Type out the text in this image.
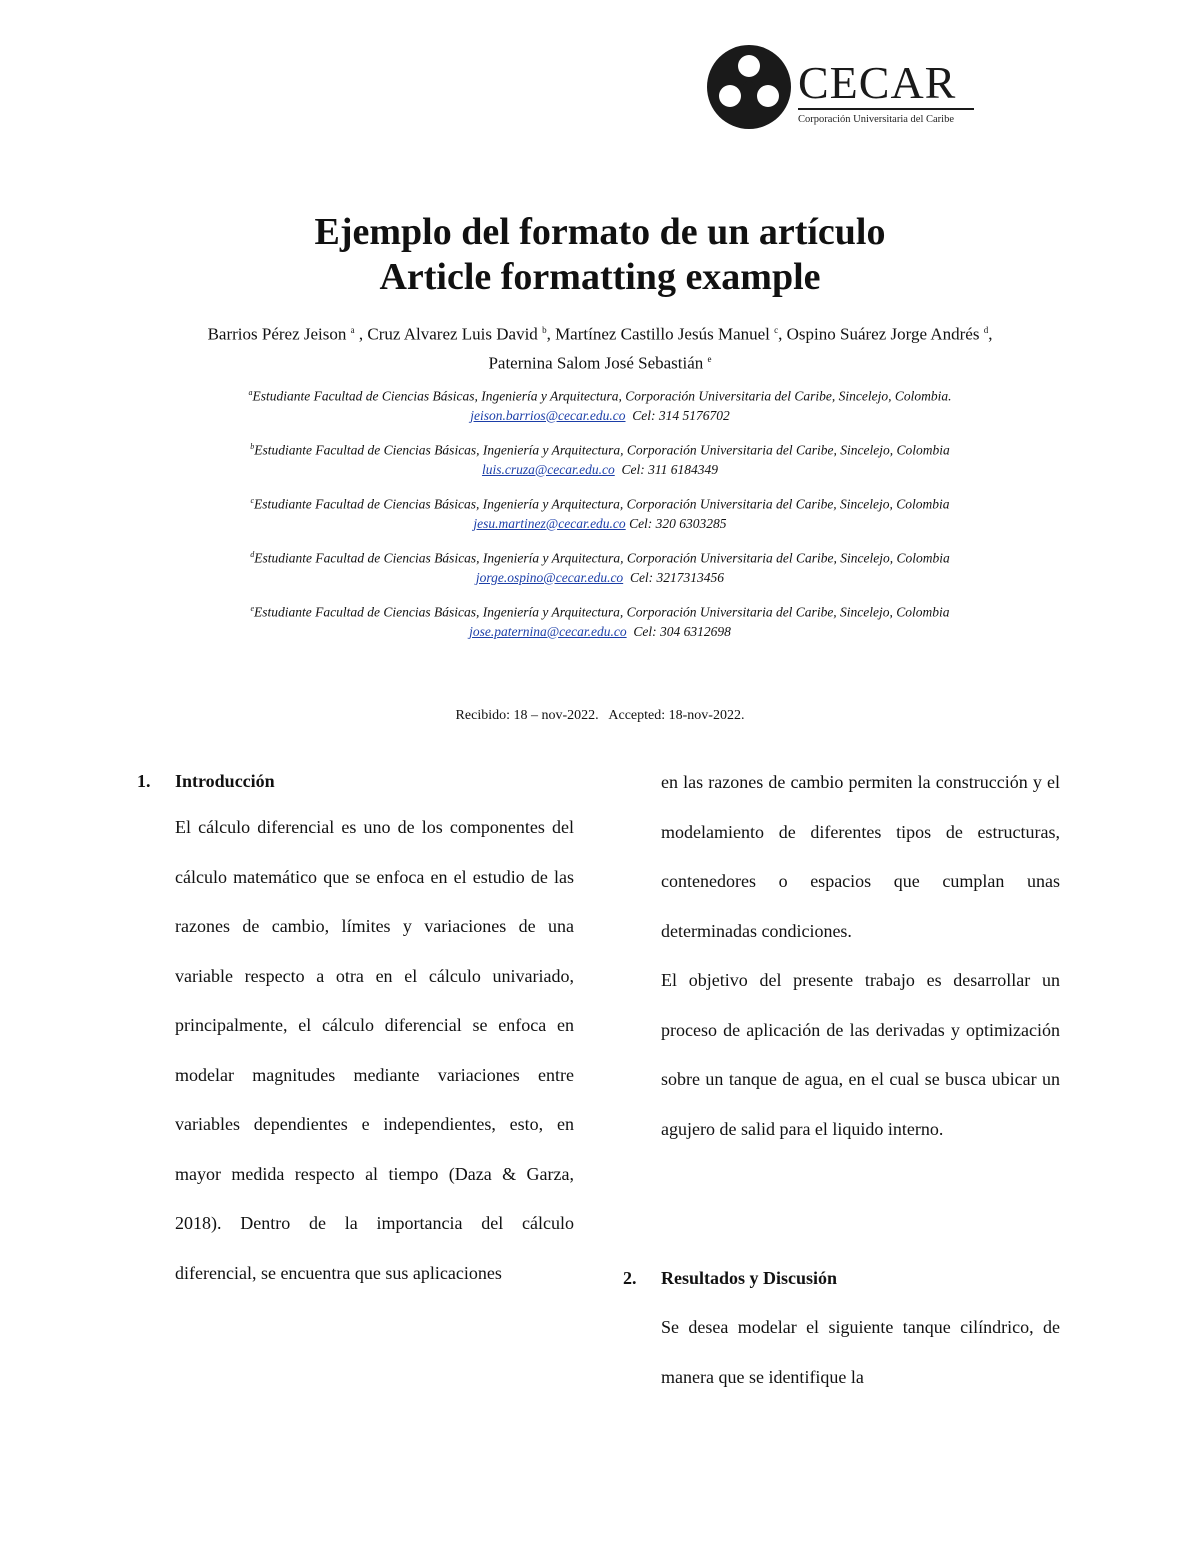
CECAR
Corporación Universitaria del Caribe
Ejemplo del formato de un artículo
Article formatting example
Barrios Pérez Jeison $^a$ , Cruz Alvarez Luis David $^b$, Martínez Castillo Jesús Manuel $^c$, Ospino Suárez Jorge Andrés $^d$,
Paternina Salom José Sebastián $^e$
$^a$Estudiante Facultad de Ciencias Básicas, Ingeniería y Arquitectura, Corporación Universitaria del Caribe, Sincelejo, Colombia.
jeison.barrios@cecar.edu.co Cel: 314 5176702
$^b$Estudiante Facultad de Ciencias Básicas, Ingeniería y Arquitectura, Corporación Universitaria del Caribe, Sincelejo, Colombia
luis.cruza@cecar.edu.co Cel: 311 6184349
$^c$Estudiante Facultad de Ciencias Básicas, Ingeniería y Arquitectura, Corporación Universitaria del Caribe, Sincelejo, Colombia
jesu.martinez@cecar.edu.co Cel: 320 6303285
$^d$Estudiante Facultad de Ciencias Básicas, Ingeniería y Arquitectura, Corporación Universitaria del Caribe, Sincelejo, Colombia
jorge.ospino@cecar.edu.co Cel: 3217313456
$^e$Estudiante Facultad de Ciencias Básicas, Ingeniería y Arquitectura, Corporación Universitaria del Caribe, Sincelejo, Colombia
jose.paternina@cecar.edu.co Cel: 304 6312698
Recibido: 18 – nov-2022.   Accepted: 18-nov-2022.
1. Introducción

El cálculo diferencial es uno de los componentes del cálculo matemático que se enfoca en el estudio de las razones de cambio, límites y variaciones de una variable respecto a otra en el cálculo univariado, principalmente, el cálculo diferencial se enfoca en modelar magnitudes mediante variaciones entre variables dependientes e independientes, esto, en mayor medida respecto al tiempo (Daza & Garza, 2018). Dentro de la importancia del cálculo diferencial, se encuentra que sus aplicaciones

en las razones de cambio permiten la construcción y el modelamiento de diferentes tipos de estructuras, contenedores o espacios que cumplan unas determinadas condiciones.

El objetivo del presente trabajo es desarrollar un proceso de aplicación de las derivadas y optimización sobre un tanque de agua, en el cual se busca ubicar un agujero de salid para el liquido interno.

2. Resultados y Discusión

Se desea modelar el siguiente tanque cilíndrico, de manera que se identifique la
